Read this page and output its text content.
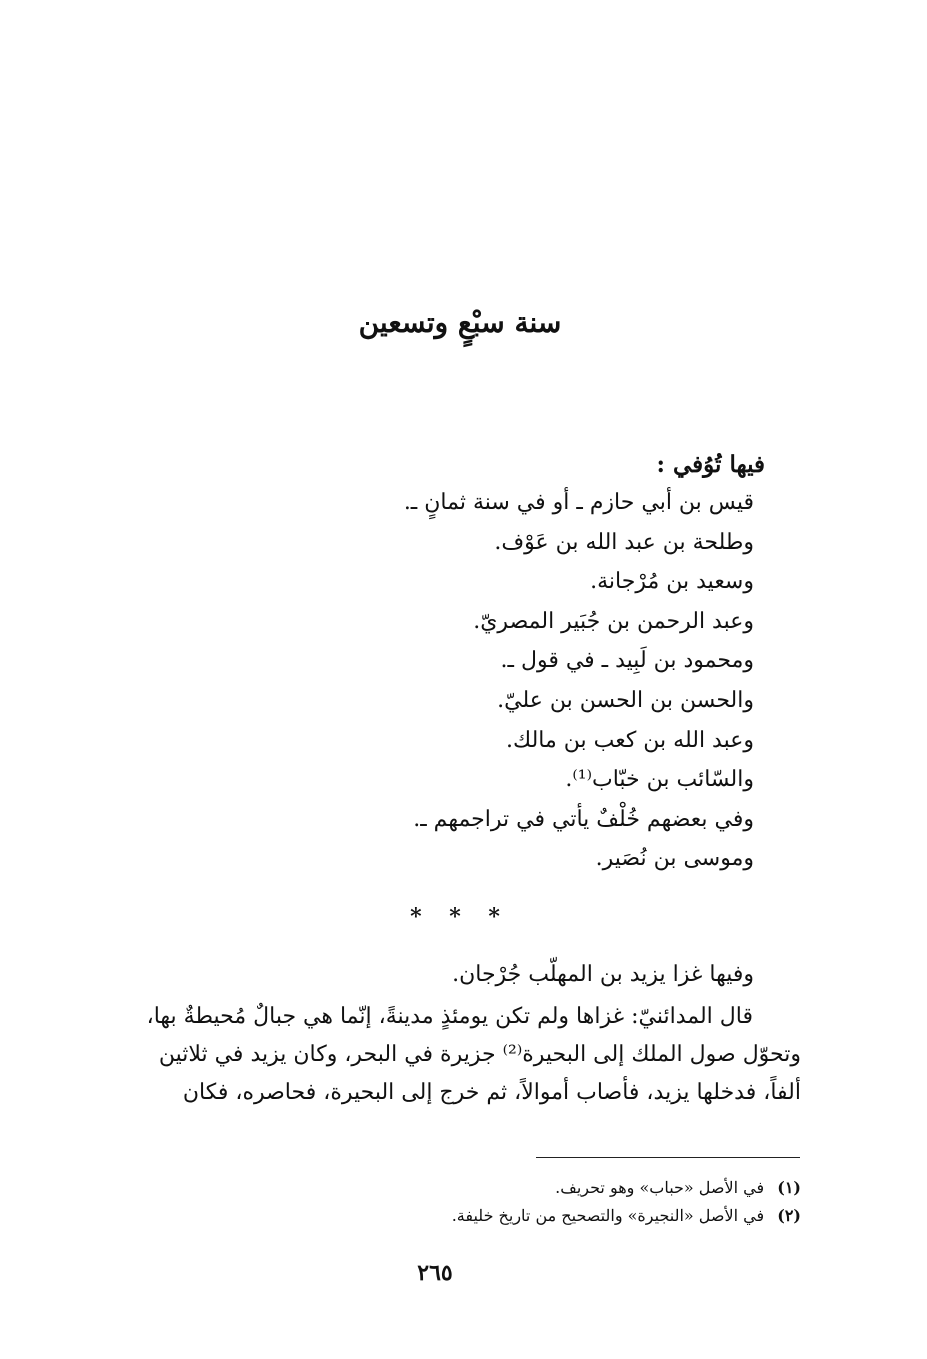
سنة سبْعٍ وتسعين
فيها تُوُفي :
قيس بن أبي حازم ـ أو في سنة ثمانٍ ـ.
وطلحة بن عبد الله بن عَوْف.
وسعيد بن مُرْجانة.
وعبد الرحمن بن جُبَير المصريّ.
ومحمود بن لَبِيد ـ في قول ـ.
والحسن بن الحسن بن عليّ.
وعبد الله بن كعب بن مالك.
والسّائب بن خبّاب⁽¹⁾.
وفي بعضهم خُلْفٌ يأتي في تراجمهم ـ.
وموسى بن نُصَير.
* * *
وفيها غزا يزيد بن المهلّب جُرْجان.
قال المدائنيّ: غزاها ولم تكن يومئذٍ مدينةً، إنّما هي جبالٌ مُحيطةٌ بها،
وتحوّل صول الملك إلى البحيرة⁽²⁾ جزيرة في البحر، وكان يزيد في ثلاثين
ألفاً، فدخلها يزيد، فأصاب أموالاً، ثم خرج إلى البحيرة، فحاصره، فكان
(١) في الأصل «حباب» وهو تحريف.
(٢) في الأصل «النجيرة» والتصحيح من تاريخ خليفة.
٢٦٥
